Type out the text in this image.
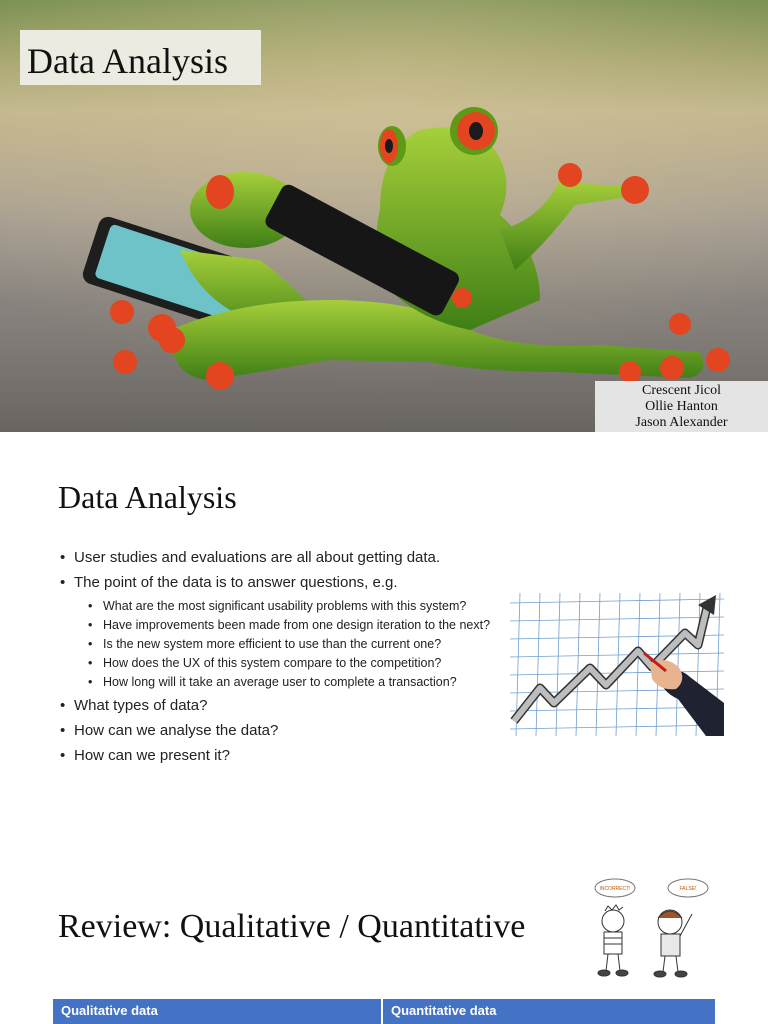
Data Analysis
Crescent Jicol
Ollie Hanton
Jason Alexander
Data Analysis
• User studies and evaluations are all about getting data.
• The point of the data is to answer questions, e.g.
• What are the most significant usability problems with this system?
• Have improvements been made from one design iteration to the next?
• Is the new system more efficient to use than the current one?
• How does the UX of this system compare to the competition?
• How long will it take an average user to complete a transaction?
• What types of data?
• How can we analyse the data?
• How can we present it?
Review: Qualitative / Quantitative
INCORRECT!	FALSE!
Qualitative data	Quantitative data
